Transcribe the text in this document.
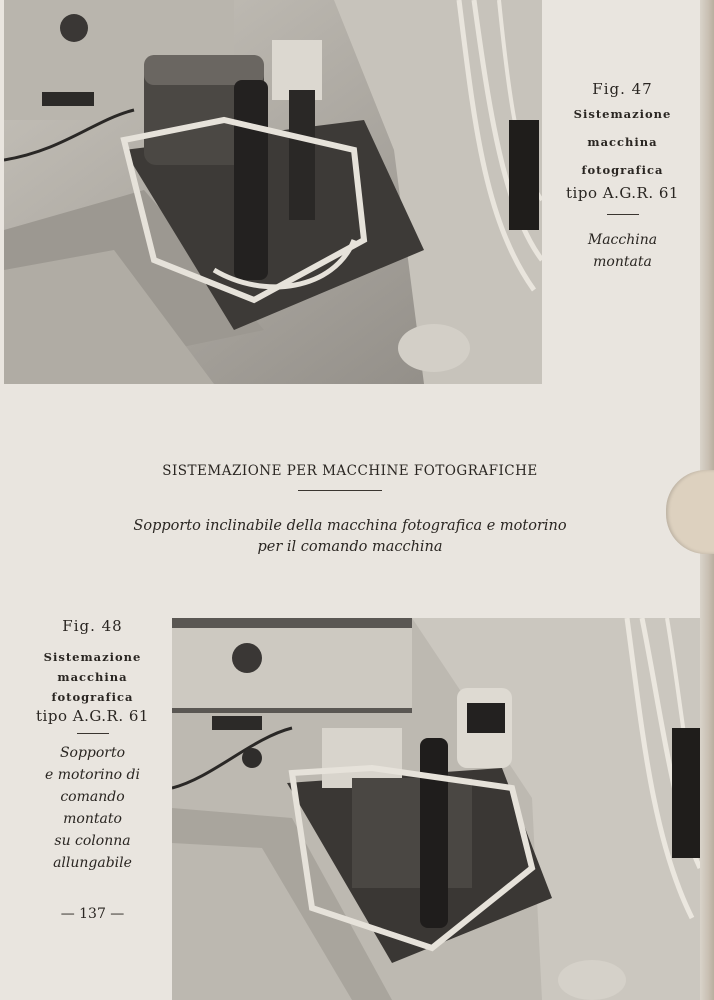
Fig. 47
Sistemazione
macchina
fotografica
tipo A.G.R. 61
Macchina
montata
SISTEMAZIONE PER MACCHINE FOTOGRAFICHE
Sopporto inclinabile della macchina fotografica e motorino
per il comando macchina
Fig. 48
Sistemazione
macchina
fotografica
tipo A.G.R. 61
Sopporto
e motorino di
comando
montato
su colonna
allungabile
— 137 —
